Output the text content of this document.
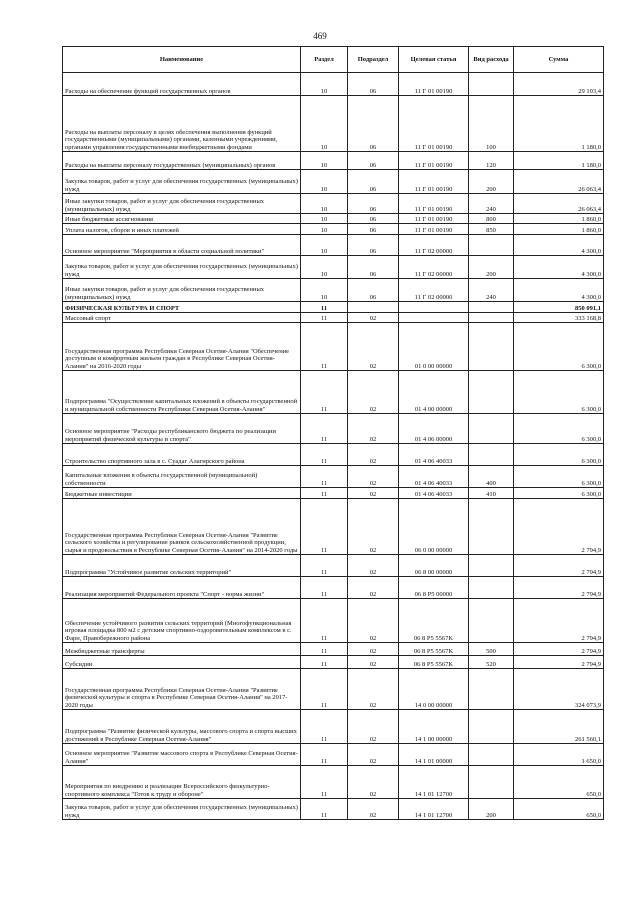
469
Наименование	Раздел	Подраздел	Целевая статья	Вид расхода	Сумма
Расходы на обеспечение функций государственных органов	10	06	11 Г 01 00190		29 103,4
Расходы на выплаты персоналу в целях обеспечения выполнения функций государственными (муниципальными) органами, казенными учреждениями, органами управления государственными внебюджетными фондами	10	06	11 Г 01 00190	100	1 180,0
Расходы на выплаты персоналу государственных (муниципальных) органов	10	06	11 Г 01 00190	120	1 180,0
Закупка товаров, работ и услуг для обеспечения государственных (муниципальных) нужд	10	06	11 Г 01 00190	200	26 063,4
Иные закупки товаров, работ и услуг для обеспечения государственных (муниципальных) нужд	10	06	11 Г 01 00190	240	26 063,4
Иные бюджетные ассигнования	10	06	11 Г 01 00190	800	1 860,0
Уплата налогов, сборов и иных платежей	10	06	11 Г 01 00190	850	1 860,0
Основное мероприятие "Мероприятия в области социальной политики"	10	06	11 Г 02 00000		4 300,0
Закупка товаров, работ и услуг для обеспечения государственных (муниципальных) нужд	10	06	11 Г 02 00000	200	4 300,0
Иные закупки товаров, работ и услуг для обеспечения государственных (муниципальных) нужд	10	06	11 Г 02 00000	240	4 300,0
ФИЗИЧЕСКАЯ КУЛЬТУРА И СПОРТ	11				850 091,1
Массовый спорт	11	02			333 168,8
Государственная программа Республики Северная Осетия-Алания "Обеспечение доступным и комфортным жильем граждан в Республике Северная Осетия-Алания" на 2016-2020 годы	11	02	01 0 00 00000		6 300,0
Подпрограмма "Осуществление капитальных вложений в объекты государственной и муниципальной собственности Республики Северная Осетия-Алания"	11	02	01 4 00 00000		6 300,0
Основное мероприятие "Расходы республиканского бюджета по реализации мероприятий физической культуры и спорта"	11	02	01 4 06 00000		6 300,0
Строительство спортивного зала в с. Суадаг Алагирского района	11	02	01 4 06 40033		6 300,0
Капитальные вложения в объекты государственной (муниципальной) собственности	11	02	01 4 06 40033	400	6 300,0
Бюджетные инвестиции	11	02	01 4 06 40033	410	6 300,0
Государственная программа Республики Северная Осетия-Алания "Развитие сельского хозяйства и регулирование рынков сельскохозяйственной продукции, сырья и продовольствия в Республике Северная Осетия-Алания" на 2014-2020 годы	11	02	06 0 00 00000		2 794,9
Подпрограмма "Устойчивое развитие сельских территорий"	11	02	06 8 00 00000		2 794,9
Реализация мероприятий Федерального проекта "Спорт - норма жизни"	11	02	06 8 P5 00000		2 794,9
Обеспечение устойчивого развития сельских территорий (Многофункциональная игровая площадка 800 м2 с детским спортивно-оздоровительным комплексом в с. Фарн, Правобережного района	11	02	06 8 P5 5567K		2 794,9
Межбюджетные трансферты	11	02	06 8 P5 5567K	500	2 794,9
Субсидии	11	02	06 8 P5 5567K	520	2 794,9
Государственная программа Республики Северная Осетия-Алания "Развитие физической культуры и спорта в Республике Северная Осетия-Алания" на 2017-2020 годы	11	02	14 0 00 00000		324 073,9
Подпрограмма "Развитие физической культуры, массового спорта и спорта высших достижений в Республике Северная Осетия-Алания"	11	02	14 1 00 00000		261 560,1
Основное мероприятие "Развитие массового спорта в Республике Северная Осетия-Алания"	11	02	14 1 01 00000		1 650,0
Мероприятия по внедрению и реализации Всероссийского физкультурно-спортивного комплекса "Готов к труду и обороне"	11	02	14 1 01 12700		650,0
Закупка товаров, работ и услуг для обеспечения государственных (муниципальных) нужд	11	02	14 1 01 12700	200	650,0
